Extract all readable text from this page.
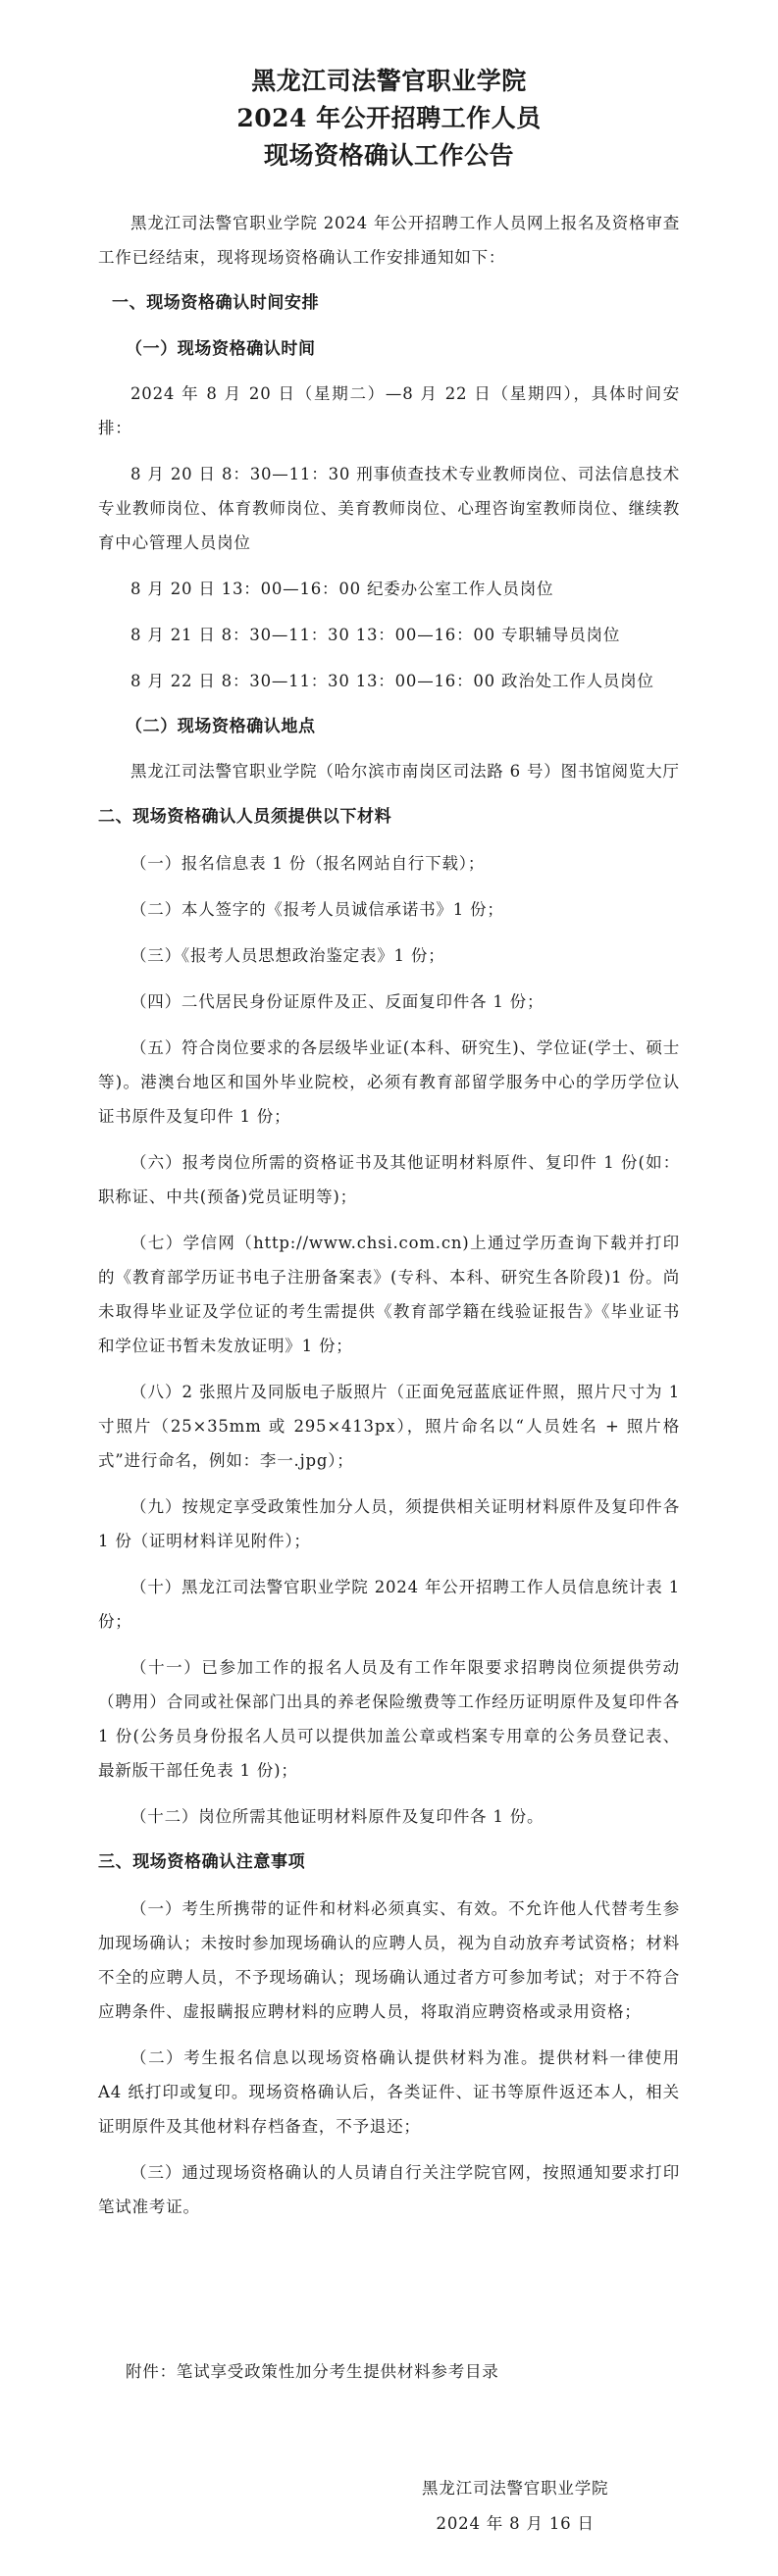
黑龙江司法警官职业学院
2024 年公开招聘工作人员
现场资格确认工作公告

黑龙江司法警官职业学院 2024 年公开招聘工作人员网上报名及资格审查工作已经结束，现将现场资格确认工作安排通知如下：

一、现场资格确认时间安排
（一）现场资格确认时间

2024 年 8 月 20 日（星期二）—8 月 22 日（星期四），具体时间安排：

8 月 20 日 8：30—11：30 刑事侦查技术专业教师岗位、司法信息技术专业教师岗位、体育教师岗位、美育教师岗位、心理咨询室教师岗位、继续教育中心管理人员岗位

8 月 20 日 13：00—16：00 纪委办公室工作人员岗位

8 月 21 日 8：30—11：30 13：00—16：00 专职辅导员岗位

8 月 22 日 8：30—11：30 13：00—16：00 政治处工作人员岗位

（二）现场资格确认地点

黑龙江司法警官职业学院（哈尔滨市南岗区司法路 6 号）图书馆阅览大厅

二、现场资格确认人员须提供以下材料

（一）报名信息表 1 份（报名网站自行下载）；

（二）本人签字的《报考人员诚信承诺书》1 份；

（三）《报考人员思想政治鉴定表》1 份；

（四）二代居民身份证原件及正、反面复印件各 1 份；

（五）符合岗位要求的各层级毕业证(本科、研究生)、学位证(学士、硕士等)。港澳台地区和国外毕业院校，必须有教育部留学服务中心的学历学位认证书原件及复印件 1 份；

（六）报考岗位所需的资格证书及其他证明材料原件、复印件 1 份(如：职称证、中共(预备)党员证明等)；

（七）学信网（http://www.chsi.com.cn)上通过学历查询下载并打印的《教育部学历证书电子注册备案表》(专科、本科、研究生各阶段)1 份。尚未取得毕业证及学位证的考生需提供《教育部学籍在线验证报告》《毕业证书和学位证书暂未发放证明》1 份；

（八）2 张照片及同版电子版照片（正面免冠蓝底证件照，照片尺寸为 1 寸照片（25×35mm 或 295×413px），照片命名以“人员姓名 + 照片格式”进行命名，例如：李一.jpg）；

（九）按规定享受政策性加分人员，须提供相关证明材料原件及复印件各 1 份（证明材料详见附件）；

（十）黑龙江司法警官职业学院 2024 年公开招聘工作人员信息统计表 1 份；

（十一）已参加工作的报名人员及有工作年限要求招聘岗位须提供劳动（聘用）合同或社保部门出具的养老保险缴费等工作经历证明原件及复印件各 1 份(公务员身份报名人员可以提供加盖公章或档案专用章的公务员登记表、最新版干部任免表 1 份)；

（十二）岗位所需其他证明材料原件及复印件各 1 份。

三、现场资格确认注意事项

（一）考生所携带的证件和材料必须真实、有效。不允许他人代替考生参加现场确认；未按时参加现场确认的应聘人员，视为自动放弃考试资格；材料不全的应聘人员，不予现场确认；现场确认通过者方可参加考试；对于不符合应聘条件、虚报瞒报应聘材料的应聘人员，将取消应聘资格或录用资格；

（二）考生报名信息以现场资格确认提供材料为准。提供材料一律使用 A4 纸打印或复印。现场资格确认后，各类证件、证书等原件返还本人，相关证明原件及其他材料存档备查，不予退还；

（三）通过现场资格确认的人员请自行关注学院官网，按照通知要求打印笔试准考证。

附件：笔试享受政策性加分考生提供材料参考目录
黑龙江司法警官职业学院
2024 年 8 月 16 日
